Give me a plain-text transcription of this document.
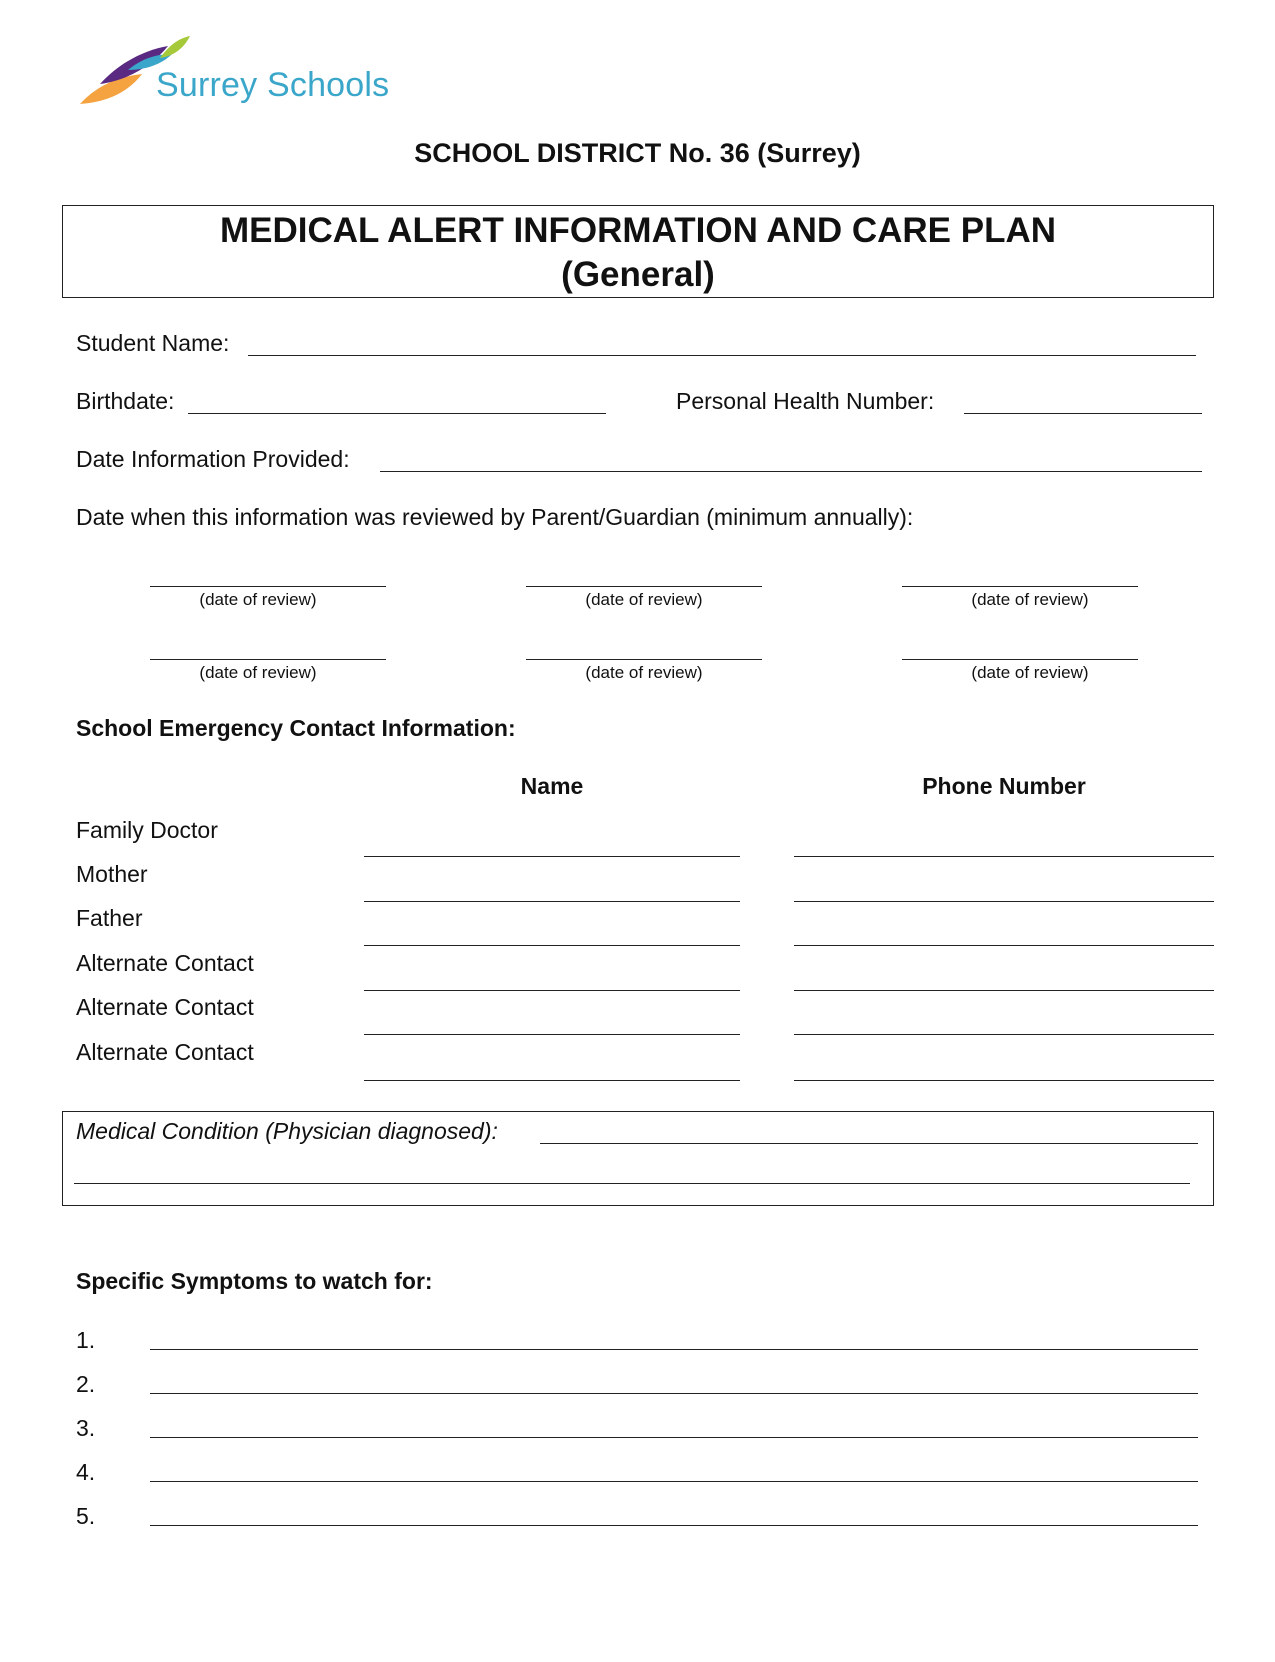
Surrey Schools
SCHOOL DISTRICT No. 36 (Surrey)
MEDICAL ALERT INFORMATION AND CARE PLAN
(General)
Student Name:
Birthdate:	Personal Health Number:
Date Information Provided:
Date when this information was reviewed by Parent/Guardian (minimum annually):
(date of review)	(date of review)	(date of review)
(date of review)	(date of review)	(date of review)
School Emergency Contact Information:
Name	Phone Number
Family Doctor
Mother
Father
Alternate Contact
Alternate Contact
Alternate Contact
Medical Condition (Physician diagnosed):
Specific Symptoms to watch for:
1.
2.
3.
4.
5.
